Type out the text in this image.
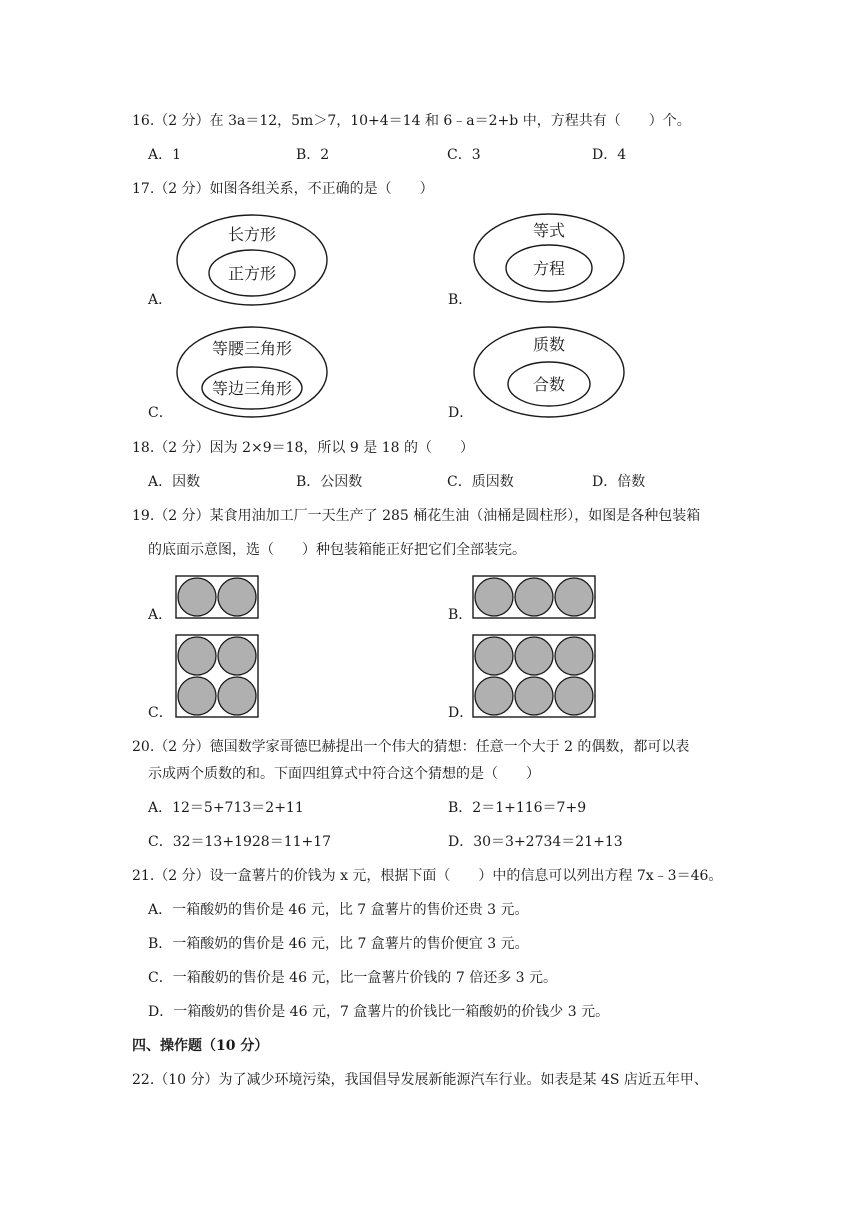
16.（2 分）在 3a＝12，5m＞7，10+4＝14 和 6﹣a＝2+b 中，方程共有（　　）个。
A．1	B．2	C．3	D．4
17.（2 分）如图各组关系，不正确的是（　　）
长方形
正方形
A．
等式
方程
B．
等腰三角形
等边三角形
C．
质数
合数
D．
18.（2 分）因为 2×9＝18，所以 9 是 18 的（　　）
A．因数	B．公因数	C．质因数	D．倍数
19.（2 分）某食用油加工厂一天生产了 285 桶花生油（油桶是圆柱形），如图是各种包装箱
的底面示意图，选（　　）种包装箱能正好把它们全部装完。
A．	B．
C．	D．
20.（2 分）德国数学家哥德巴赫提出一个伟大的猜想：任意一个大于 2 的偶数，都可以表
示成两个质数的和。下面四组算式中符合这个猜想的是（　　）
A．12＝5+713＝2+11	B．2＝1+116＝7+9
C．32＝13+1928＝11+17	D．30＝3+2734＝21+13
21.（2 分）设一盒薯片的价钱为 x 元，根据下面（　　）中的信息可以列出方程 7x﹣3＝46。
A．一箱酸奶的售价是 46 元，比 7 盒薯片的售价还贵 3 元。
B．一箱酸奶的售价是 46 元，比 7 盒薯片的售价便宜 3 元。
C．一箱酸奶的售价是 46 元，比一盒薯片价钱的 7 倍还多 3 元。
D．一箱酸奶的售价是 46 元，7 盒薯片的价钱比一箱酸奶的价钱少 3 元。
四、操作题（10 分）
22.（10 分）为了减少环境污染，我国倡导发展新能源汽车行业。如表是某 4S 店近五年甲、
